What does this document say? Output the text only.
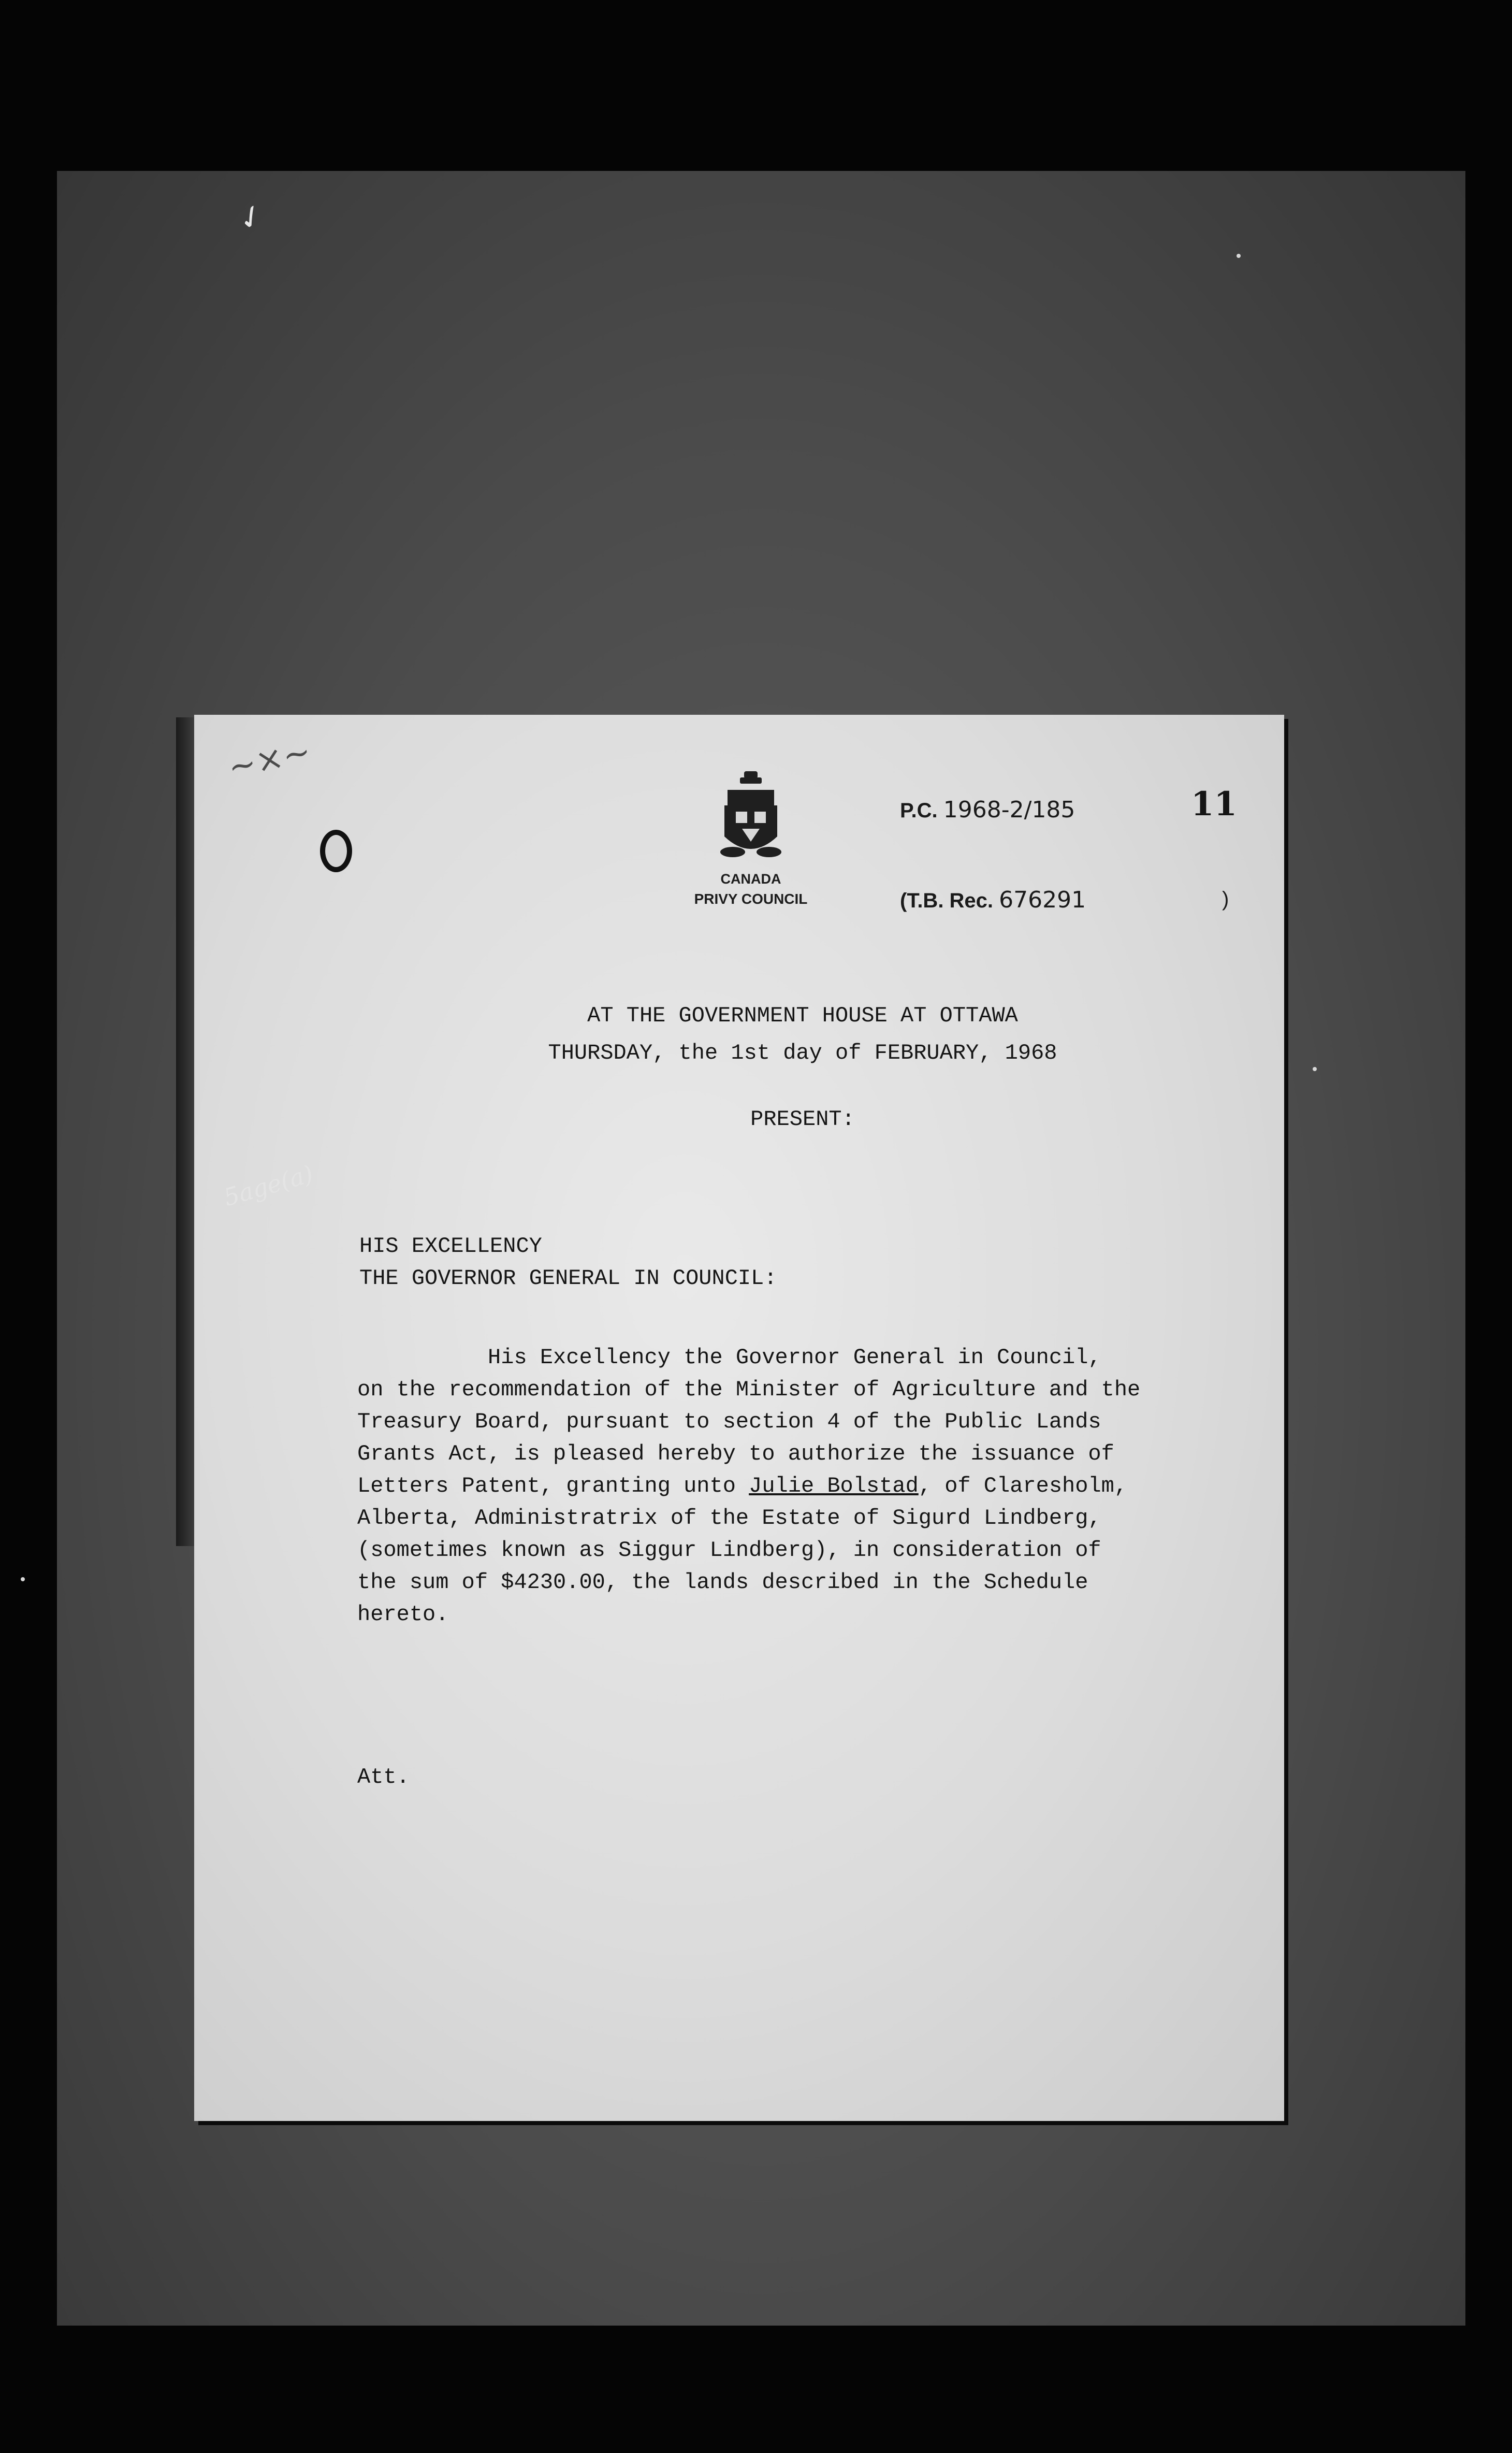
✓
∼×∼
CANADA
PRIVY COUNCIL
P.C. 1968-2/185
(T.B. Rec. 676291	)
11
AT THE GOVERNMENT HOUSE AT OTTAWA
THURSDAY, the 1st day of FEBRUARY, 1968
PRESENT:
5age(a)
HIS EXCELLENCY
THE GOVERNOR GENERAL IN COUNCIL:
His Excellency the Governor General in Council,
on the recommendation of the Minister of Agriculture and the
Treasury Board, pursuant to section 4 of the Public Lands
Grants Act, is pleased hereby to authorize the issuance of
Letters Patent, granting unto Julie Bolstad, of Claresholm,
Alberta, Administratrix of the Estate of Sigurd Lindberg,
(sometimes known as Siggur Lindberg), in consideration of
the sum of $4230.00, the lands described in the Schedule
hereto.
Att.
